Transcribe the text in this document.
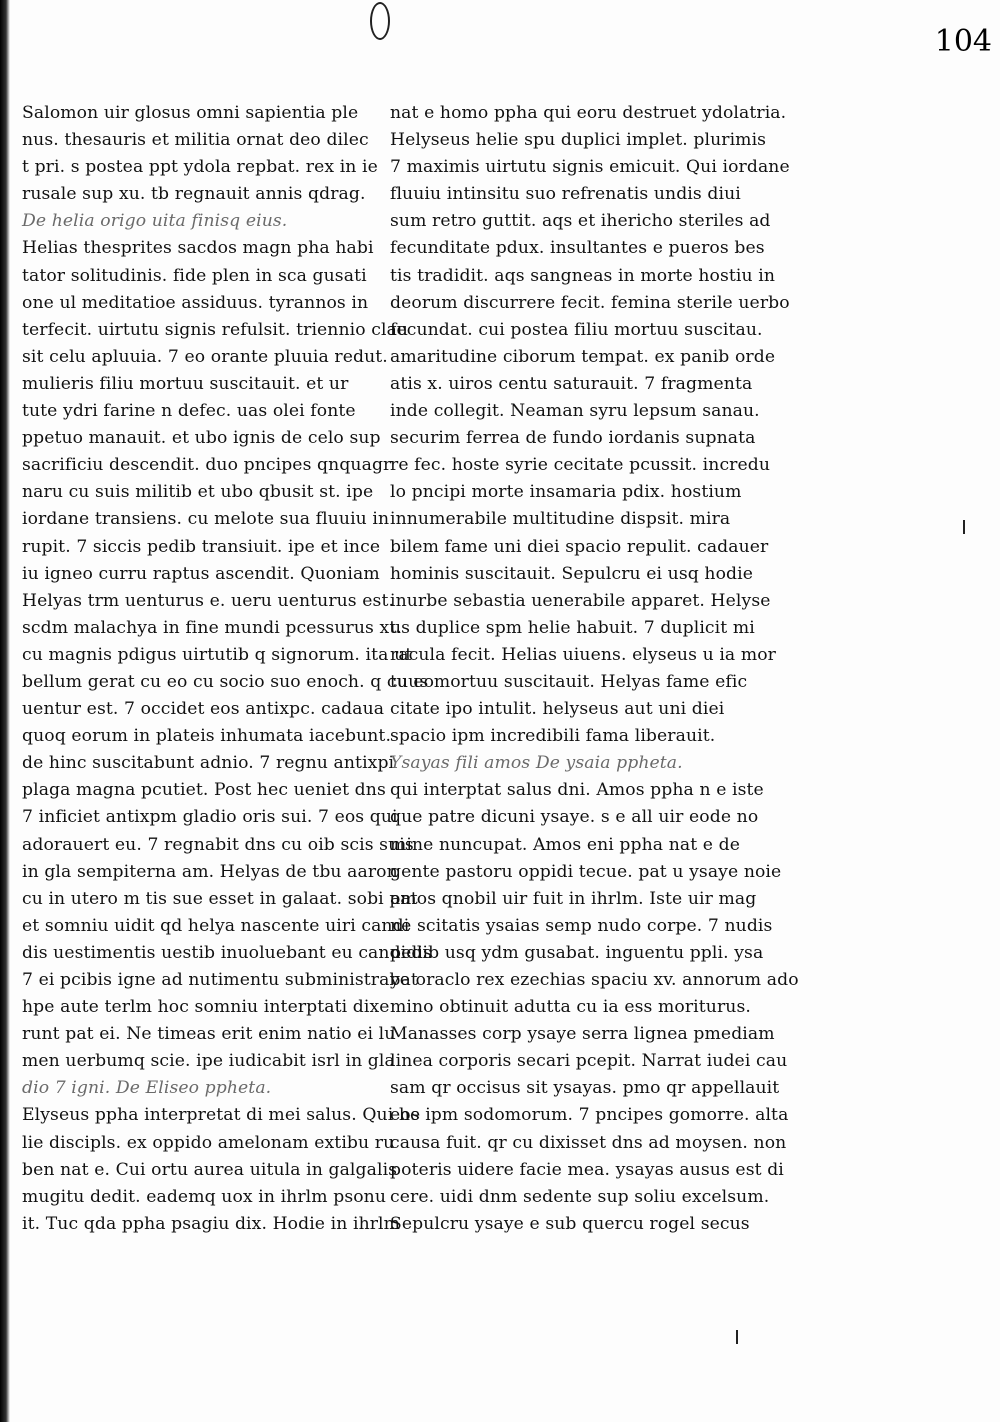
104
Salomon uir glosus omni sapientia ple
nus. thesauris et militia ornat deo dilec
t pri. s postea ppt ydola repbat. rex in ie
rusale sup xu. tb regnauit annis qdrag.
De helia origo uita finisq eius.
Helias thesprites sacdos magn pha habi
tator solitudinis. fide plen in sca gusati
one ul meditatioe assiduus. tyrannos in
terfecit. uirtutu signis refulsit. triennio clau
sit celu apluuia. 7 eo orante pluuia redut.
mulieris filiu mortuu suscitauit. et ur
tute ydri farine n defec. uas olei fonte
ppetuo manauit. et ubo ignis de celo sup
sacrificiu descendit. duo pncipes qnquagr
naru cu suis militib et ubo qbusit st. ipe
iordane transiens. cu melote sua fluuiu in
rupit. 7 siccis pedib transiuit. ipe et ince
iu igneo curru raptus ascendit. Quoniam
Helyas trm uenturus e. ueru uenturus est.
scdm malachya in fine mundi pcessurus xt.
cu magnis pdigus uirtutib q signorum. ita ut
bellum gerat cu eo cu socio suo enoch. q cu eo
uentur est. 7 occidet eos antixpc. cadaua
quoq eorum in plateis inhumata iacebunt.
de hinc suscitabunt adnio. 7 regnu antixpi
plaga magna pcutiet. Post hec ueniet dns
7 inficiet antixpm gladio oris sui. 7 eos qui
adorauert eu. 7 regnabit dns cu oib scis suis
in gla sempiterna am. Helyas de tbu aaron
cu in utero m tis sue esset in galaat. sobi pat
et somniu uidit qd helya nascente uiri candi
dis uestimentis uestib inuoluebant eu candidis
7 ei pcibis igne ad nutimentu subministrabat
hpe aute terlm hoc somniu interptati dixe
runt pat ei. Ne timeas erit enim natio ei lu
men uerbumq scie. ipe iudicabit isrl in gla
dio 7 igni. De Eliseo ppheta.
Elyseus ppha interpretat di mei salus. Qui he
lie discipls. ex oppido amelonam extibu ru
ben nat e. Cui ortu aurea uitula in galgalis
mugitu dedit. eademq uox in ihrlm psonu
it. Tuc qda ppha psagiu dix. Hodie in ihrlm
nat e homo ppha qui eoru destruet ydolatria.
Helyseus helie spu duplici implet. plurimis
7 maximis uirtutu signis emicuit. Qui iordane
fluuiu intinsitu suo refrenatis undis diui
sum retro guttit. aqs et ihericho steriles ad
fecunditate pdux. insultantes e pueros bes
tis tradidit. aqs sangneas in morte hostiu in
deorum discurrere fecit. femina sterile uerbo
fecundat. cui postea filiu mortuu suscitau.
amaritudine ciborum tempat. ex panib orde
atis x. uiros centu saturauit. 7 fragmenta
inde collegit. Neaman syru lepsum sanau.
securim ferrea de fundo iordanis supnata
re fec. hoste syrie cecitate pcussit. incredu
lo pncipi morte insamaria pdix. hostium
innumerabile multitudine dispsit. mira
bilem fame uni diei spacio repulit. cadauer
hominis suscitauit. Sepulcru ei usq hodie
inurbe sebastia uenerabile apparet. Helyse
us duplice spm helie habuit. 7 duplicit mi
racula fecit. Helias uiuens. elyseus u ia mor
tuus mortuu suscitauit. Helyas fame efic
citate ipo intulit. helyseus aut uni diei
spacio ipm incredibili fama liberauit.
Ysayas fili amos De ysaia ppheta.
qui interptat salus dni. Amos ppha n e iste
que patre dicuni ysaye. s e all uir eode no
mine nuncupat. Amos eni ppha nat e de
gente pastoru oppidi tecue. pat u ysaye noie
amos qnobil uir fuit in ihrlm. Iste uir mag
ne scitatis ysaias semp nudo corpe. 7 nudis
pedib usq ydm gusabat. inguentu ppli. ysa
ye oraclo rex ezechias spaciu xv. annorum ado
mino obtinuit adutta cu ia ess moriturus.
Manasses corp ysaye serra lignea pmediam
linea corporis secari pcepit. Narrat iudei cau
sam qr occisus sit ysayas. pmo qr appellauit
eos ipm sodomorum. 7 pncipes gomorre. alta
causa fuit. qr cu dixisset dns ad moysen. non
poteris uidere facie mea. ysayas ausus est di
cere. uidi dnm sedente sup soliu excelsum.
Sepulcru ysaye e sub quercu rogel secus
